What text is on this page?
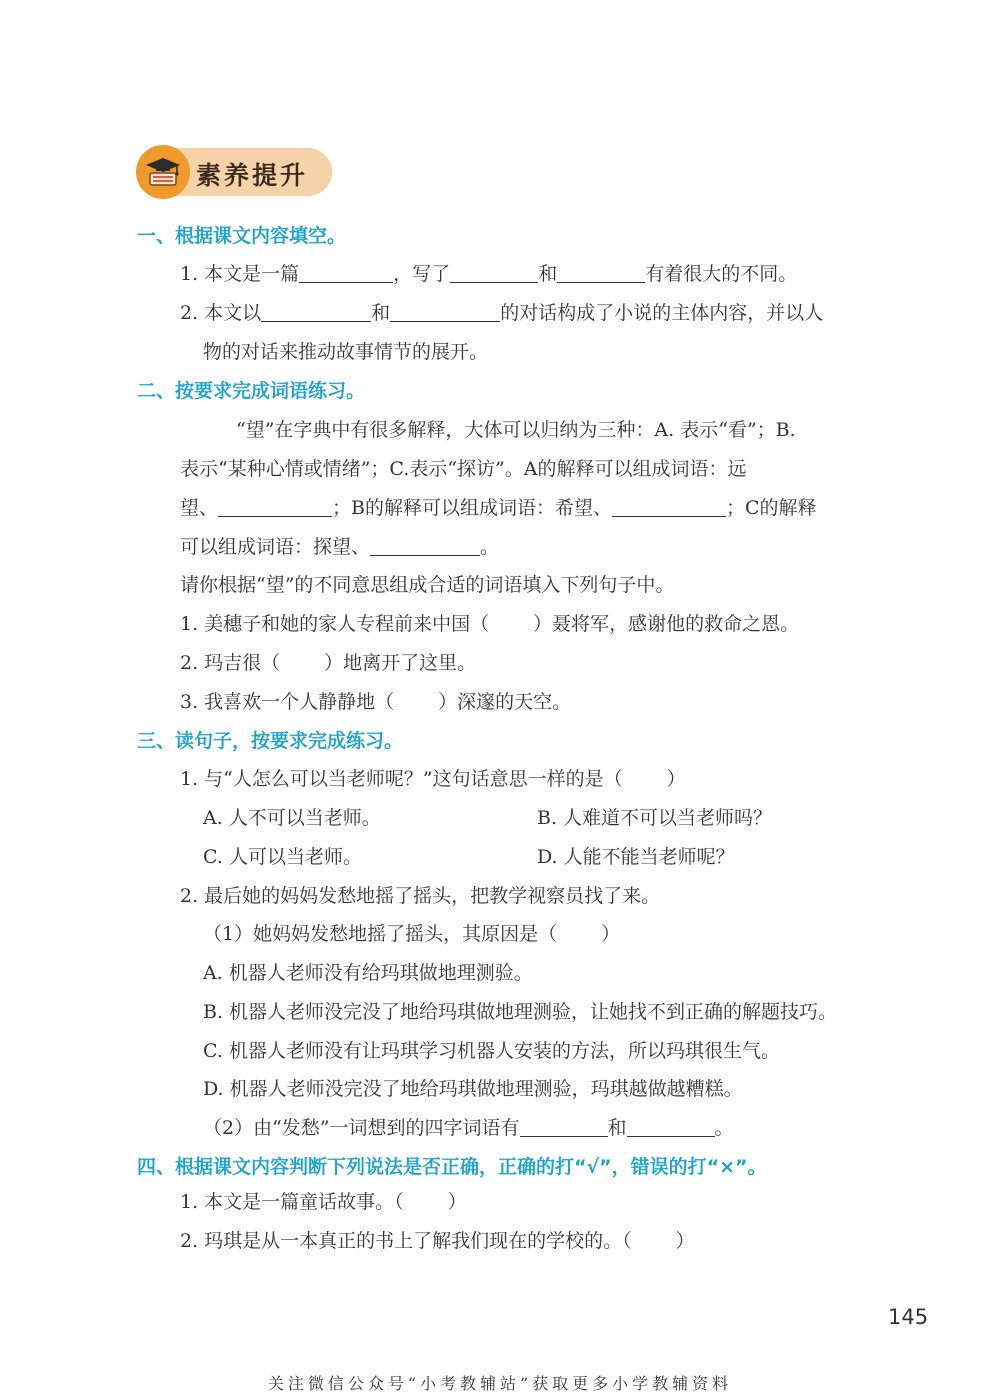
素养提升
一、根据课文内容填空。
1. 本文是一篇	，写了	和	有着很大的不同。
2. 本文以	和	的对话构成了小说的主体内容，并以人
物的对话来推动故事情节的展开。
二、按要求完成词语练习。
“望”在字典中有很多解释，大体可以归纳为三种：A. 表示“看”；B.
表示“某种心情或情绪”；C.表示“探访”。A的解释可以组成词语：远
望、	；B的解释可以组成词语：希望、	；C的解释
可以组成词语：探望、	。
请你根据“望”的不同意思组成合适的词语填入下列句子中。
1. 美穗子和她的家人专程前来中国（ ）聂将军，感谢他的救命之恩。
2. 玛吉很（ ）地离开了这里。
3. 我喜欢一个人静静地（ ）深邃的天空。
三、读句子，按要求完成练习。
1. 与“人怎么可以当老师呢？”这句话意思一样的是（ ）
A. 人不可以当老师。	B. 人难道不可以当老师吗？
C. 人可以当老师。	D. 人能不能当老师呢？
2. 最后她的妈妈发愁地摇了摇头，把教学视察员找了来。
（1）她妈妈发愁地摇了摇头，其原因是（ ）
A. 机器人老师没有给玛琪做地理测验。
B. 机器人老师没完没了地给玛琪做地理测验，让她找不到正确的解题技巧。
C. 机器人老师没有让玛琪学习机器人安装的方法，所以玛琪很生气。
D. 机器人老师没完没了地给玛琪做地理测验，玛琪越做越糟糕。
（2）由“发愁”一词想到的四字词语有	和	。
四、根据课文内容判断下列说法是否正确，正确的打“√”，错误的打“×”。
1. 本文是一篇童话故事。（ ）
2. 玛琪是从一本真正的书上了解我们现在的学校的。（ ）
145
关注微信公众号“小考教辅站”获取更多小学教辅资料
